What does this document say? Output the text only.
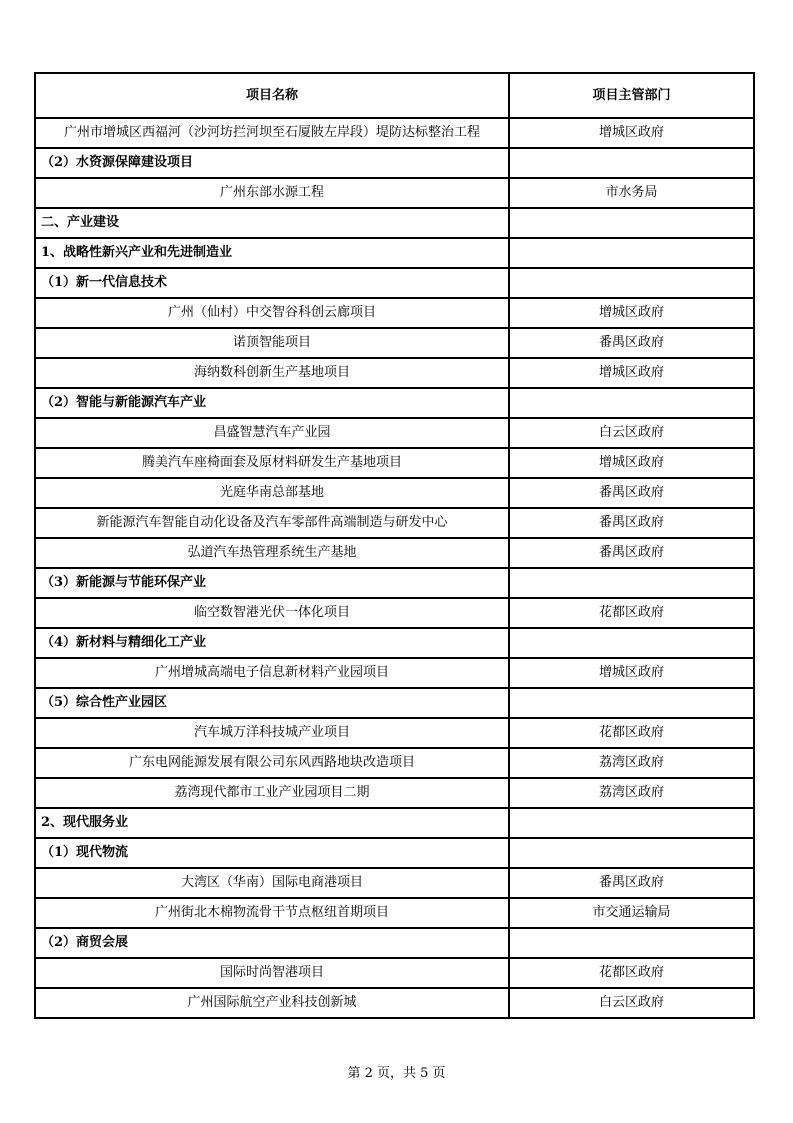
项目名称	项目主管部门
广州市增城区西福河（沙河坊拦河坝至石厦陂左岸段）堤防达标整治工程	增城区政府
（2）水资源保障建设项目	
广州东部水源工程	市水务局
二、产业建设	
1、战略性新兴产业和先进制造业	
（1）新一代信息技术	
广州（仙村）中交智谷科创云廊项目	增城区政府
诺顶智能项目	番禺区政府
海纳数科创新生产基地项目	增城区政府
（2）智能与新能源汽车产业	
昌盛智慧汽车产业园	白云区政府
腾美汽车座椅面套及原材料研发生产基地项目	增城区政府
光庭华南总部基地	番禺区政府
新能源汽车智能自动化设备及汽车零部件高端制造与研发中心	番禺区政府
弘道汽车热管理系统生产基地	番禺区政府
（3）新能源与节能环保产业	
临空数智港光伏一体化项目	花都区政府
（4）新材料与精细化工产业	
广州增城高端电子信息新材料产业园项目	增城区政府
（5）综合性产业园区	
汽车城万洋科技城产业项目	花都区政府
广东电网能源发展有限公司东风西路地块改造项目	荔湾区政府
荔湾现代都市工业产业园项目二期	荔湾区政府
2、现代服务业	
（1）现代物流	
大湾区（华南）国际电商港项目	番禺区政府
广州街北木棉物流骨干节点枢纽首期项目	市交通运输局
（2）商贸会展	
国际时尚智港项目	花都区政府
广州国际航空产业科技创新城	白云区政府
第 2 页，共 5 页
